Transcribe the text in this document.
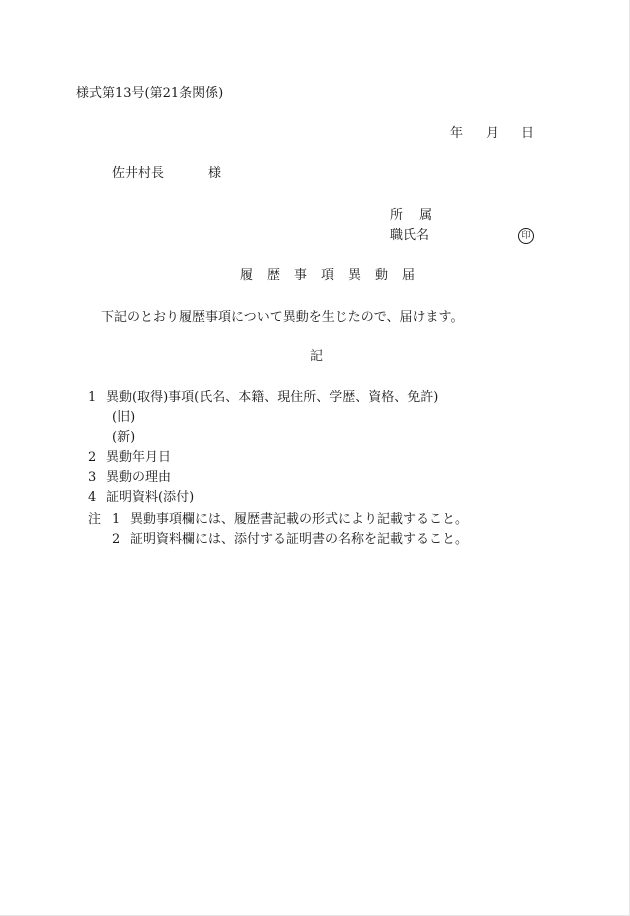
様式第13号(第21条関係)
年 月 日
佐井村長	様
所 属
職氏名	印
履歴事項異動届
下記のとおり履歴事項について異動を生じたので、届けます。
記
1 異動(取得)事項(氏名、本籍、現住所、学歴、資格、免許)
(旧)
(新)
2 異動年月日
3 異動の理由
4 証明資料(添付)
注 1 異動事項欄には、履歴書記載の形式により記載すること。
2 証明資料欄には、添付する証明書の名称を記載すること。
